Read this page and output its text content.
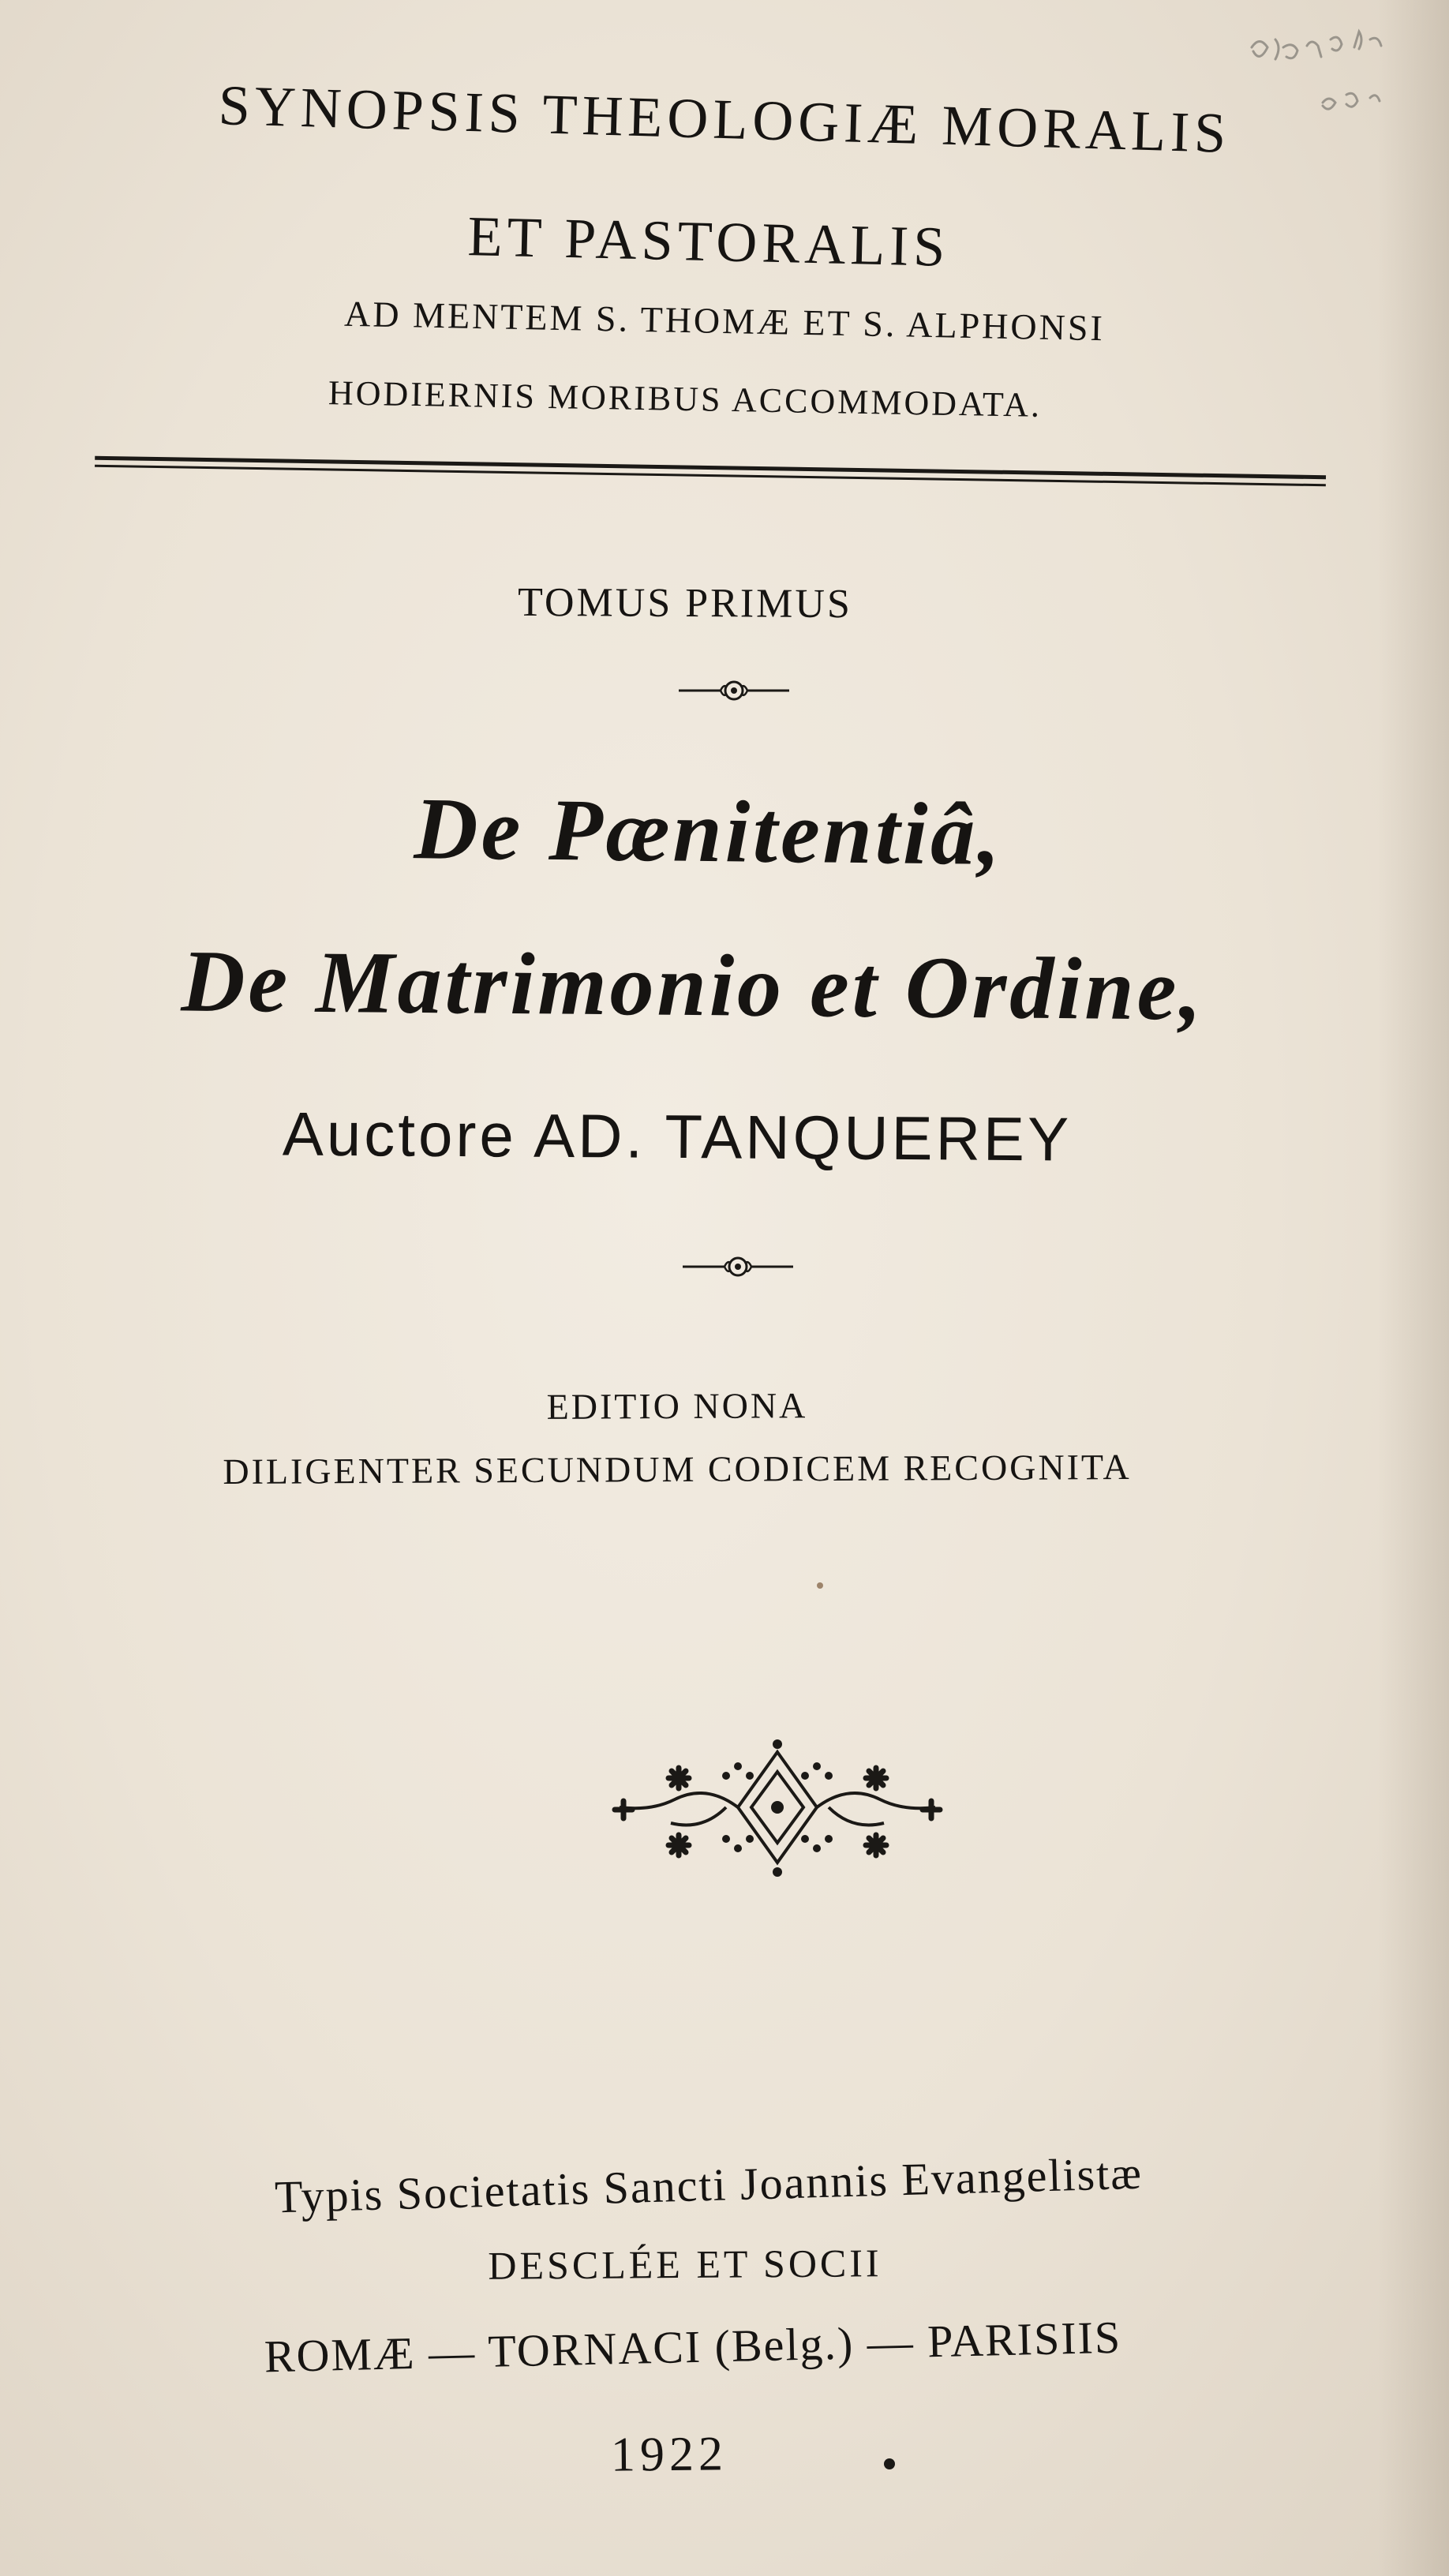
SYNOPSIS THEOLOGIÆ MORALIS
ET PASTORALIS
AD MENTEM S. THOMÆ ET S. ALPHONSI
HODIERNIS MORIBUS ACCOMMODATA.
TOMUS PRIMUS
De Pænitentiâ,
De Matrimonio et Ordine,
Auctore AD. TANQUEREY
EDITIO NONA
DILIGENTER SECUNDUM CODICEM RECOGNITA
Typis Societatis Sancti Joannis Evangelistæ
DESCLÉE ET SOCII
ROMÆ — TORNACI (Belg.) — PARISIIS
1922
